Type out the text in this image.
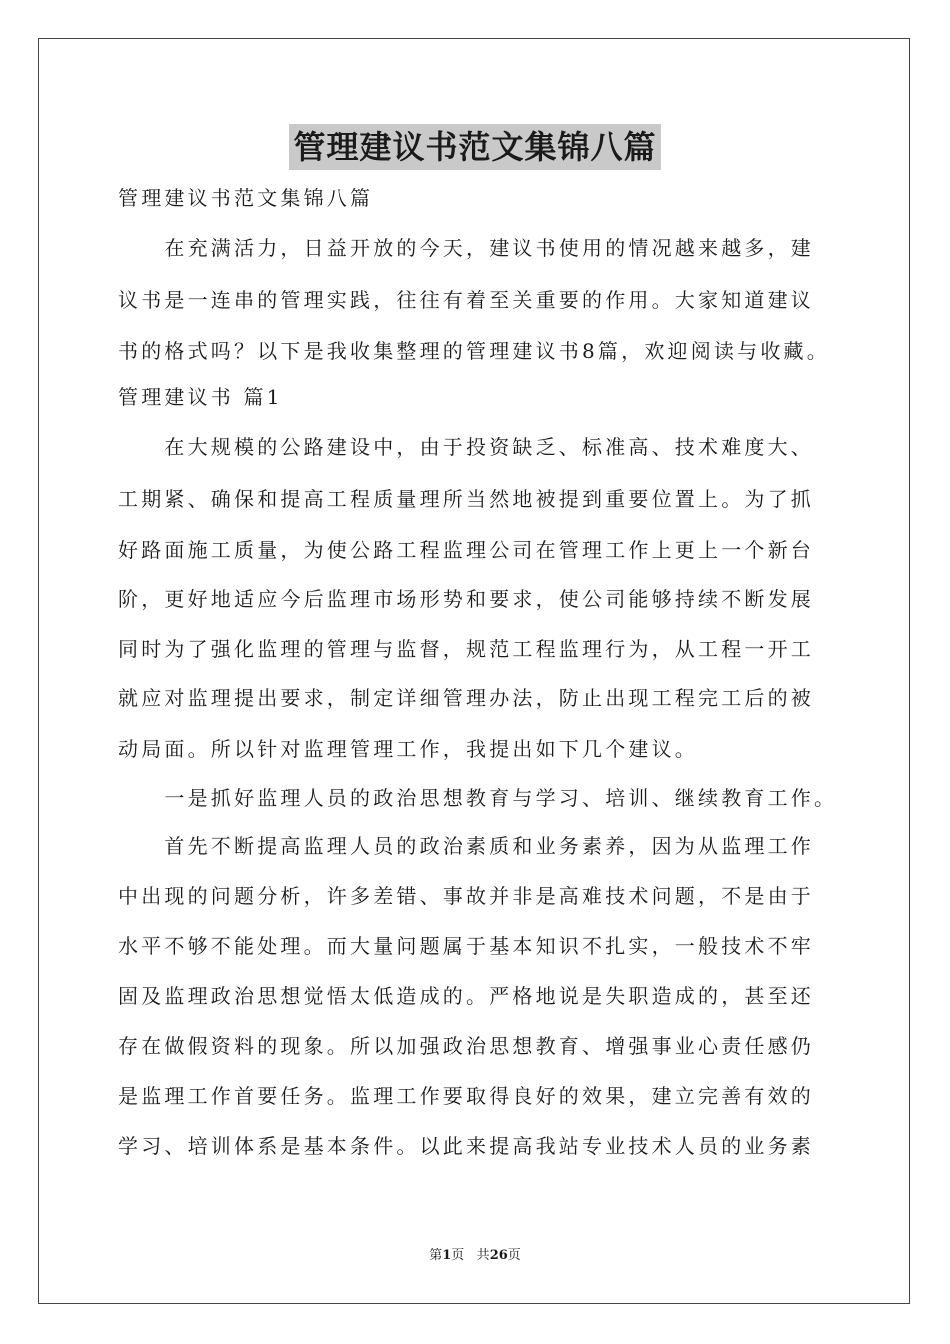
管理建议书范文集锦八篇
管理建议书范文集锦八篇
　　在充满活力，日益开放的今天，建议书使用的情况越来越多，建
议书是一连串的管理实践，往往有着至关重要的作用。大家知道建议
书的格式吗？以下是我收集整理的管理建议书8篇，欢迎阅读与收藏。
管理建议书 篇1
　　在大规模的公路建设中，由于投资缺乏、标准高、技术难度大、
工期紧、确保和提高工程质量理所当然地被提到重要位置上。为了抓
好路面施工质量，为使公路工程监理公司在管理工作上更上一个新台
阶，更好地适应今后监理市场形势和要求，使公司能够持续不断发展
同时为了强化监理的管理与监督，规范工程监理行为，从工程一开工
就应对监理提出要求，制定详细管理办法，防止出现工程完工后的被
动局面。所以针对监理管理工作，我提出如下几个建议。
　　一是抓好监理人员的政治思想教育与学习、培训、继续教育工作。
　　首先不断提高监理人员的政治素质和业务素养，因为从监理工作
中出现的问题分析，许多差错、事故并非是高难技术问题，不是由于
水平不够不能处理。而大量问题属于基本知识不扎实，一般技术不牢
固及监理政治思想觉悟太低造成的。严格地说是失职造成的，甚至还
存在做假资料的现象。所以加强政治思想教育、增强事业心责任感仍
是监理工作首要任务。监理工作要取得良好的效果，建立完善有效的
学习、培训体系是基本条件。以此来提高我站专业技术人员的业务素
第1页 共26页
